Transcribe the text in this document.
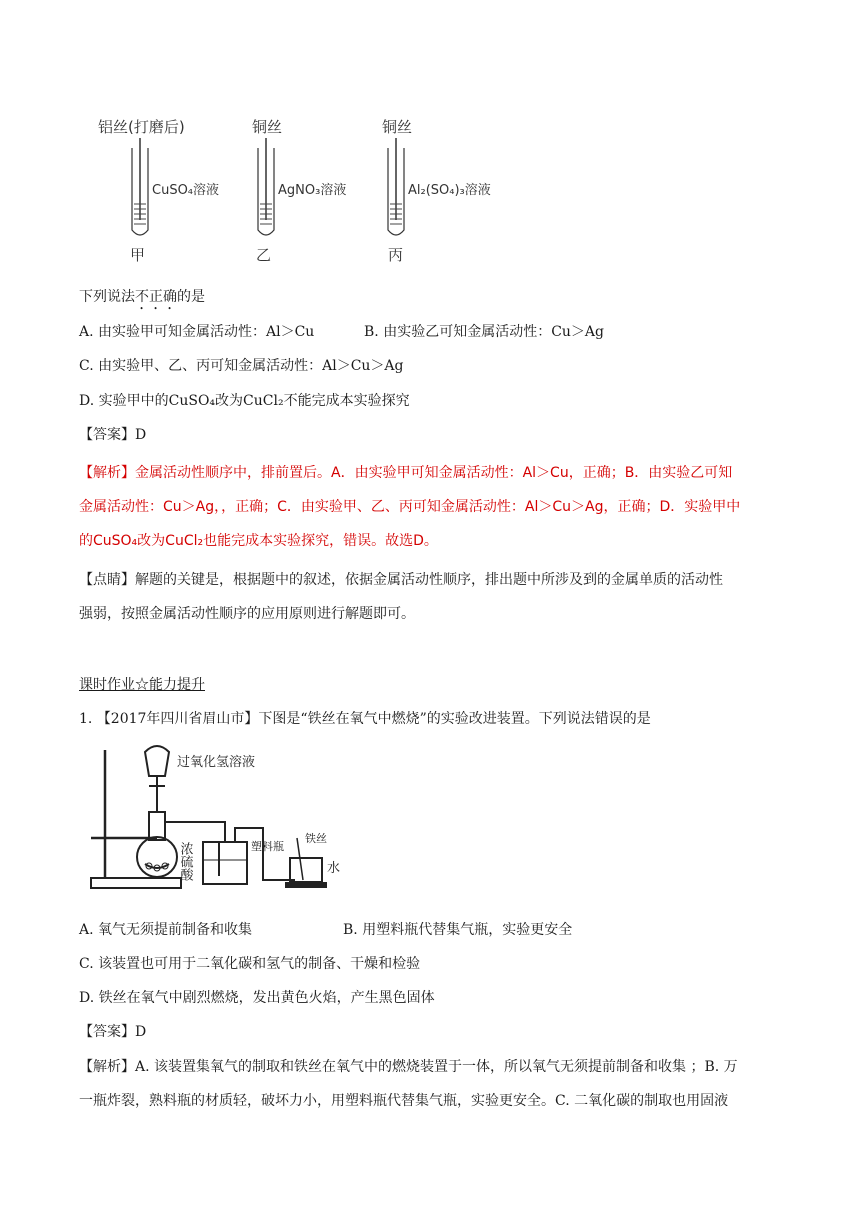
铝丝(打磨后)
CuSO₄溶液
甲
铜丝
AgNO₃溶液
乙
铜丝
Al₂(SO₄)₃溶液
丙
下列说法不正确的是
A. 由实验甲可知金属活动性：Al＞Cu	B. 由实验乙可知金属活动性：Cu＞Ag
C. 由实验甲、乙、丙可知金属活动性：Al＞Cu＞Ag
D. 实验甲中的CuSO₄改为CuCl₂不能完成本实验探究
【答案】D
【解析】金属活动性顺序中，排前置后。A．由实验甲可知金属活动性：Al＞Cu，正确；B．由实验乙可知
金属活动性：Cu＞Ag，，正确；C．由实验甲、乙、丙可知金属活动性：Al＞Cu＞Ag，正确；D．实验甲中
的CuSO₄改为CuCl₂也能完成本实验探究，错误。故选D。
【点睛】解题的关键是，根据题中的叙述，依据金属活动性顺序，排出题中所涉及到的金属单质的活动性
强弱，按照金属活动性顺序的应用原则进行解题即可。
课时作业☆能力提升
1. 【2017年四川省眉山市】下图是“铁丝在氧气中燃烧”的实验改进装置。下列说法错误的是
过氧化氢溶液
浓硫酸	塑料瓶
铁丝
水
A. 氧气无须提前制备和收集	B. 用塑料瓶代替集气瓶，实验更安全
C. 该装置也可用于二氧化碳和氢气的制备、干燥和检验
D. 铁丝在氧气中剧烈燃烧，发出黄色火焰，产生黑色固体
【答案】D
【解析】A. 该装置集氧气的制取和铁丝在氧气中的燃烧装置于一体，所以氧气无须提前制备和收集 ；B. 万
一瓶炸裂，熟料瓶的材质轻，破坏力小，用塑料瓶代替集气瓶，实验更安全。C. 二氧化碳的制取也用固液
